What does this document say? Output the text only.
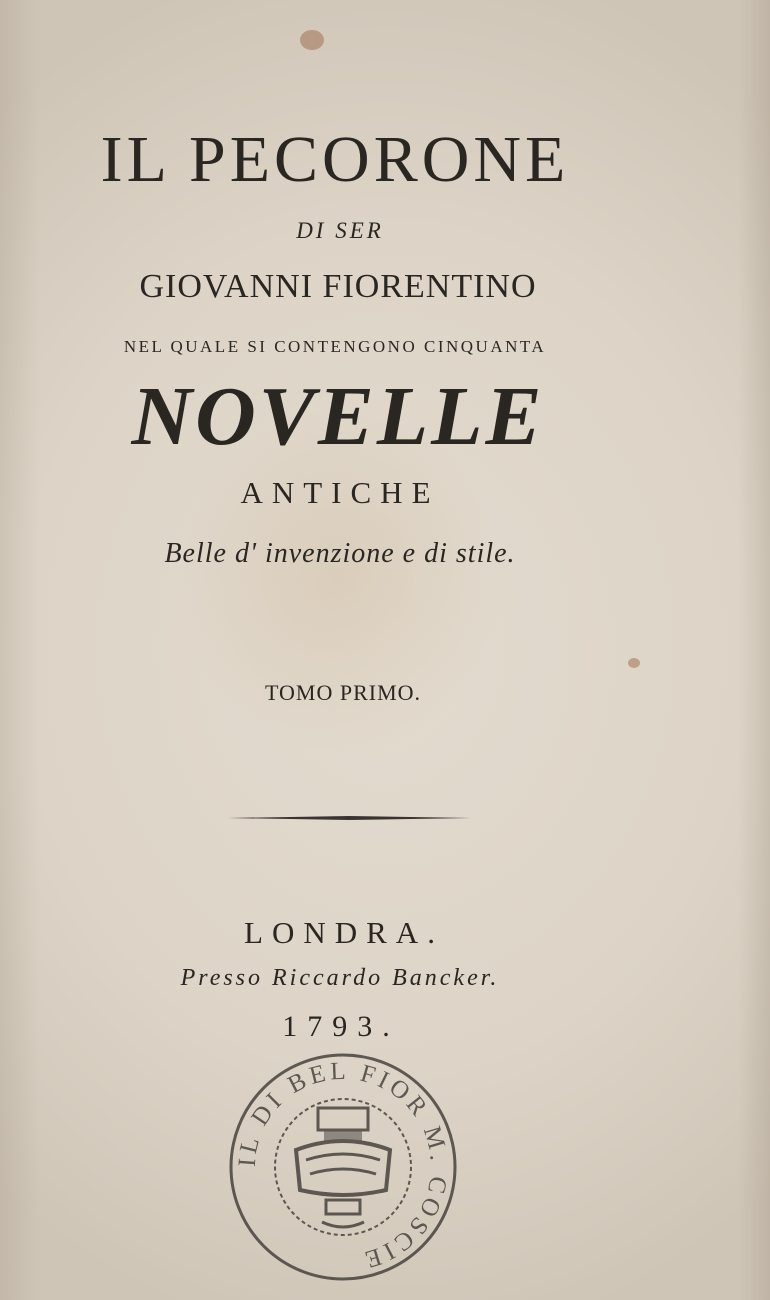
IL PECORONE

DI SER

GIOVANNI FIORENTINO

NEL QUALE SI CONTENGONO CINQUANTA

NOVELLE

ANTICHE

Belle d' invenzione e di stile.

TOMO PRIMO.

LONDRA.

Presso Riccardo Bancker.

1793.

IL DI BEL FIOR M. COSCIE
